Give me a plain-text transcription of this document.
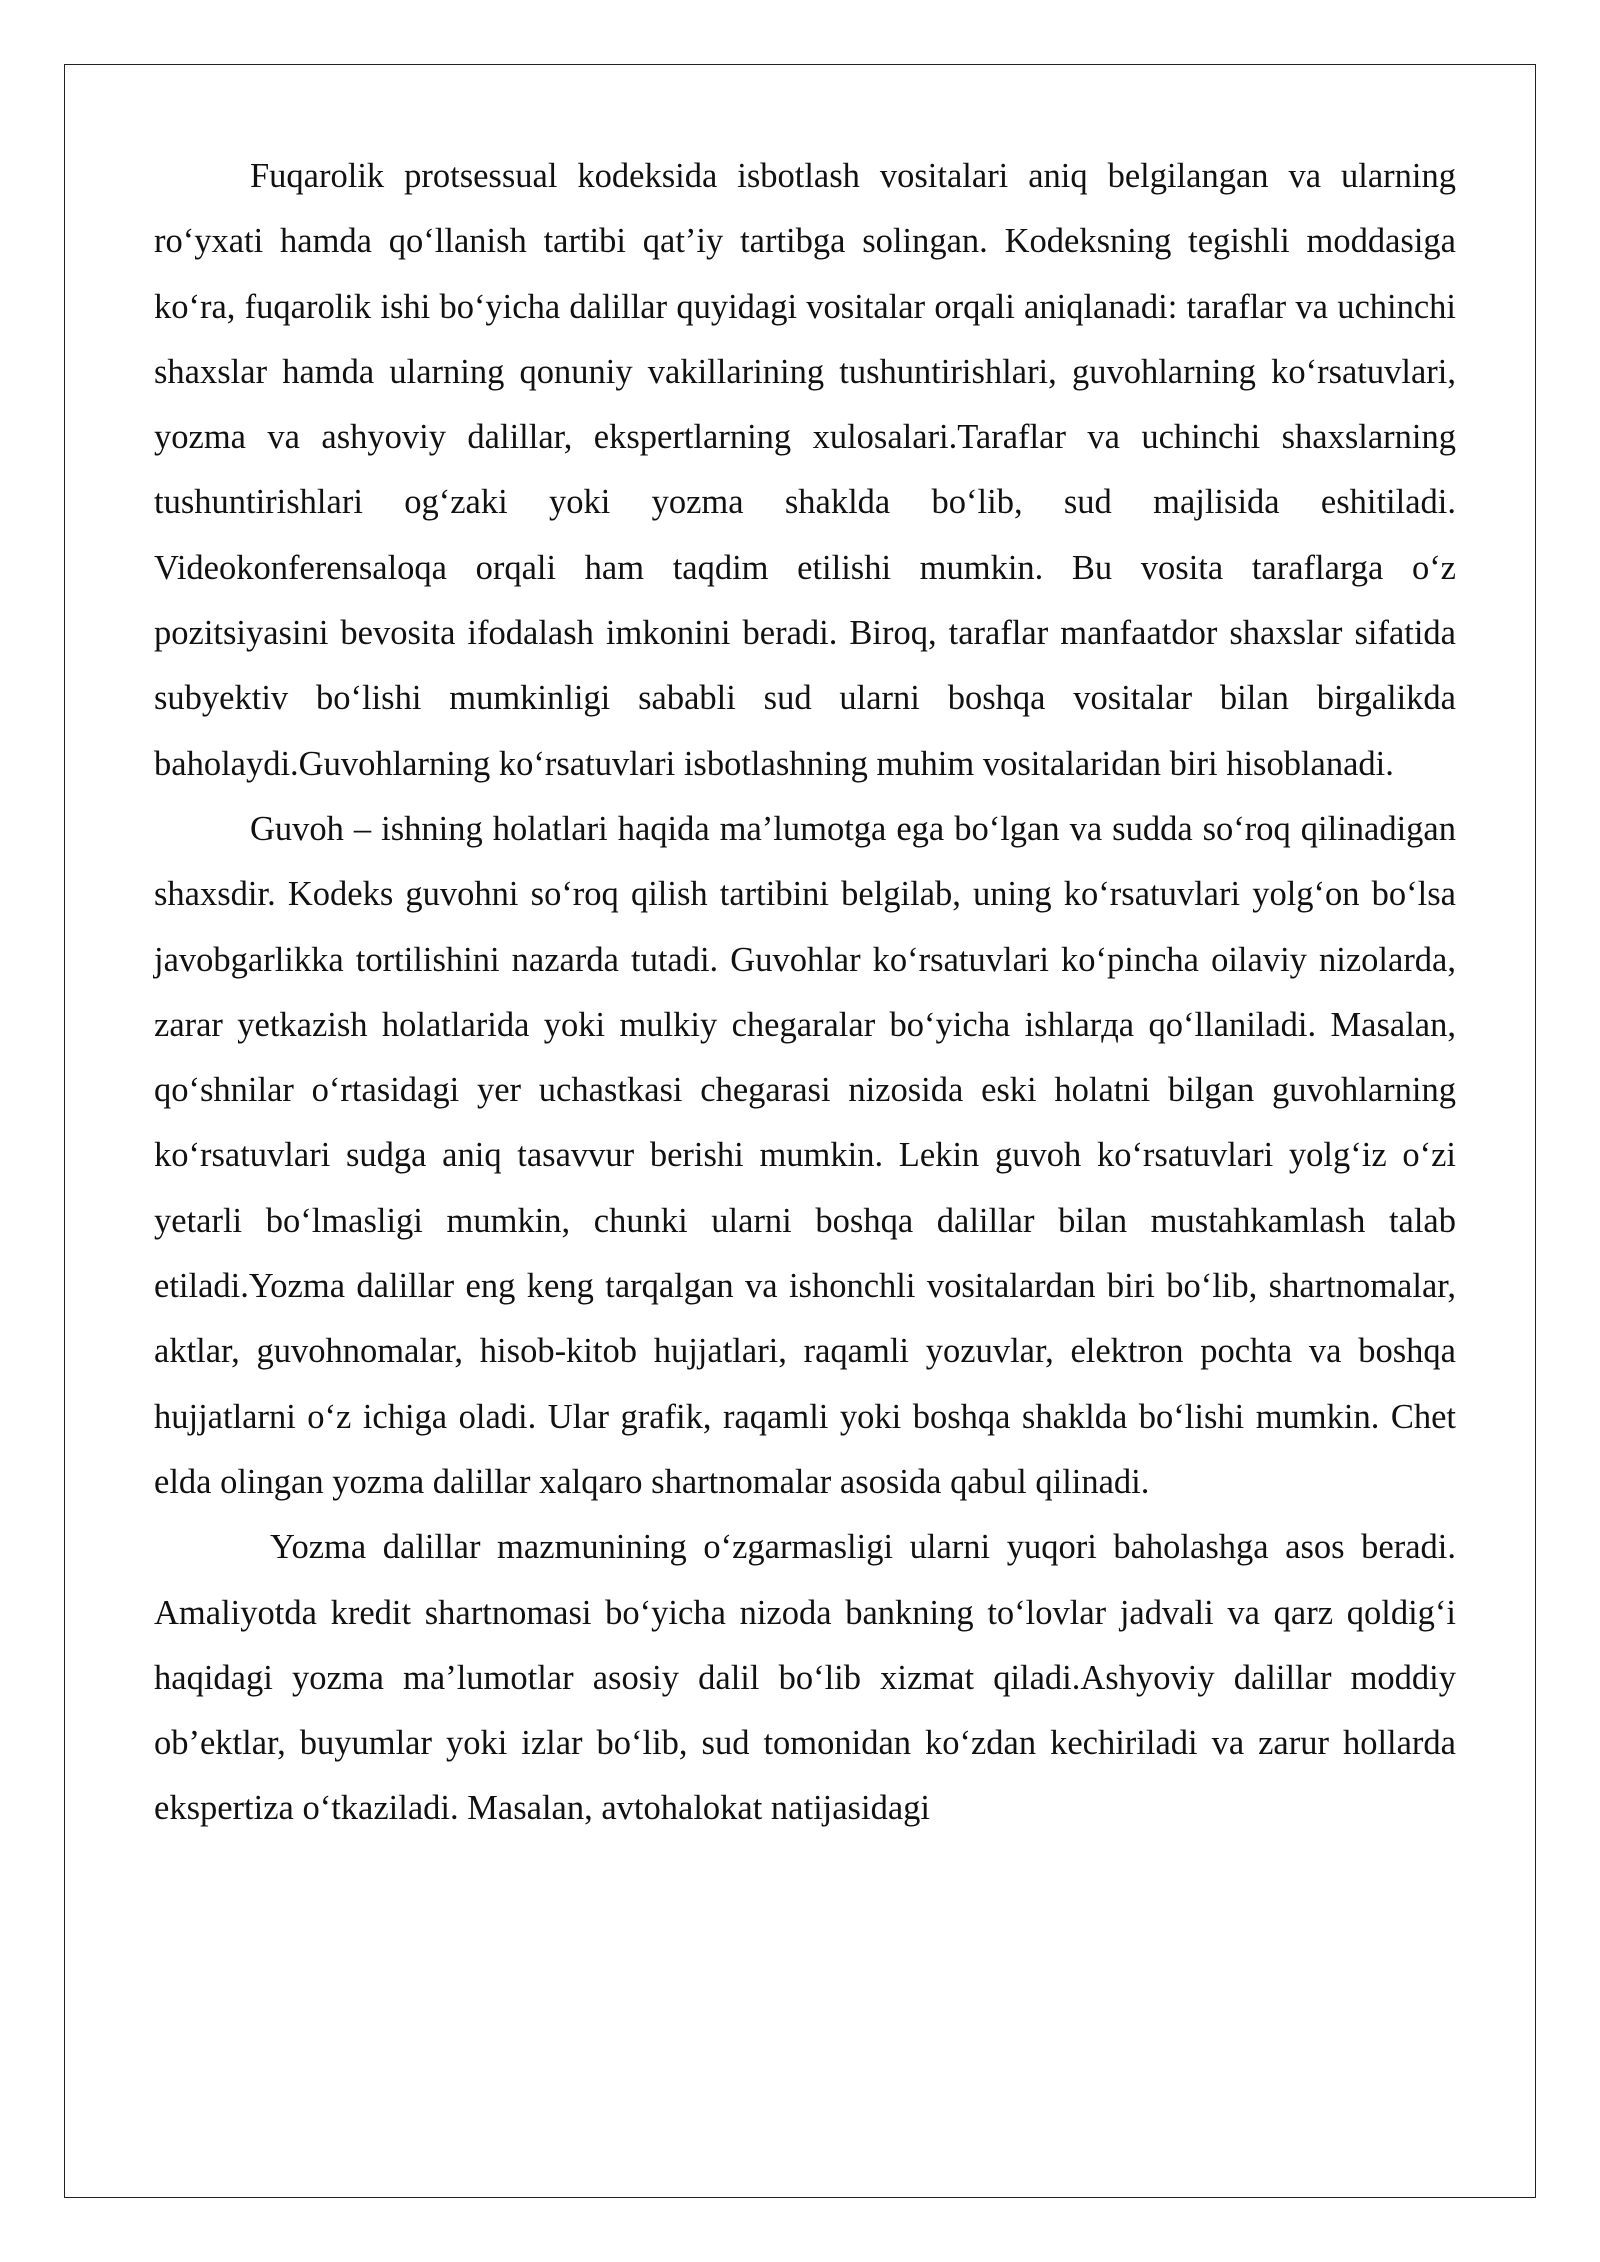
Fuqarolik protsessual kodeksida isbotlash vositalari aniq belgilangan va ularning ro‘yxati hamda qo‘llanish tartibi qat’iy tartibga solingan. Kodeksning tegishli moddasiga ko‘ra, fuqarolik ishi bo‘yicha dalillar quyidagi vositalar orqali aniqlanadi: taraflar va uchinchi shaxslar hamda ularning qonuniy vakillarining tushuntirishlari, guvohlarning ko‘rsatuvlari, yozma va ashyoviy dalillar, ekspertlarning xulosalari.Taraflar va uchinchi shaxslarning tushuntirishlari og‘zaki yoki yozma shaklda bo‘lib, sud majlisida eshitiladi. Videokonferensaloqa orqali ham taqdim etilishi mumkin. Bu vosita taraflarga o‘z pozitsiyasini bevosita ifodalash imkonini beradi. Biroq, taraflar manfaatdor shaxslar sifatida subyektiv bo‘lishi mumkinligi sababli sud ularni boshqa vositalar bilan birgalikda baholaydi.Guvohlarning ko‘rsatuvlari isbotlashning muhim vositalaridan biri hisoblanadi.

Guvoh – ishning holatlari haqida ma’lumotga ega bo‘lgan va sudda so‘roq qilinadigan shaxsdir. Kodeks guvohni so‘roq qilish tartibini belgilab, uning ko‘rsatuvlari yolg‘on bo‘lsa javobgarlikka tortilishini nazarda tutadi. Guvohlar ko‘rsatuvlari ko‘pincha oilaviy nizolarda, zarar yetkazish holatlarida yoki mulkiy chegaralar bo‘yicha ishlarда qo‘llaniladi. Masalan, qo‘shnilar o‘rtasidagi yer uchastkasi chegarasi nizosida eski holatni bilgan guvohlarning ko‘rsatuvlari sudga aniq tasavvur berishi mumkin. Lekin guvoh ko‘rsatuvlari yolg‘iz o‘zi yetarli bo‘lmasligi mumkin, chunki ularni boshqa dalillar bilan mustahkamlash talab etiladi.Yozma dalillar eng keng tarqalgan va ishonchli vositalardan biri bo‘lib, shartnomalar, aktlar, guvohnomalar, hisob-kitob hujjatlari, raqamli yozuvlar, elektron pochta va boshqa hujjatlarni o‘z ichiga oladi. Ular grafik, raqamli yoki boshqa shaklda bo‘lishi mumkin. Chet elda olingan yozma dalillar xalqaro shartnomalar asosida qabul qilinadi.

Yozma dalillar mazmunining o‘zgarmasligi ularni yuqori baholashga asos beradi. Amaliyotda kredit shartnomasi bo‘yicha nizoda bankning to‘lovlar jadvali va qarz qoldig‘i haqidagi yozma ma’lumotlar asosiy dalil bo‘lib xizmat qiladi.Ashyoviy dalillar moddiy ob’ektlar, buyumlar yoki izlar bo‘lib, sud tomonidan ko‘zdan kechiriladi va zarur hollarda ekspertiza o‘tkaziladi. Masalan, avtohalokat natijasidagi
